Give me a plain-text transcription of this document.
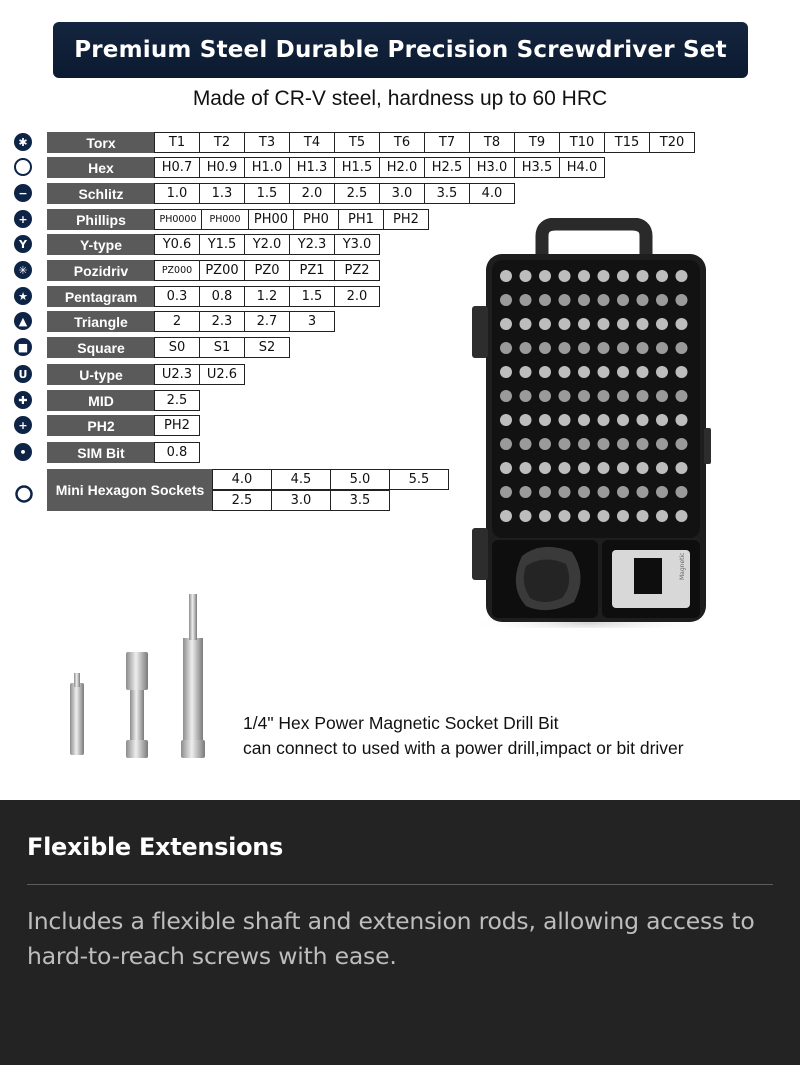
Premium Steel Durable Precision Screwdriver Set
Made of CR-V steel, hardness up to 60 HRC
✱	Torx	T1	T2	T3	T4	T5	T6	T7	T8	T9	T10	T15	T20
Hex	H0.7	H0.9	H1.0	H1.3	H1.5	H2.0	H2.5	H3.0	H3.5	H4.0
−	Schlitz	1.0	1.3	1.5	2.0	2.5	3.0	3.5	4.0
+	Phillips	PH0000	PH000	PH00	PH0	PH1	PH2
Y	Y-type	Y0.6	Y1.5	Y2.0	Y2.3	Y3.0
✳	Pozidriv	PZ000	PZ00	PZ0	PZ1	PZ2
★	Pentagram	0.3	0.8	1.2	1.5	2.0
▲	Triangle	2	2.3	2.7	3
■	Square	S0	S1	S2
U	U-type	U2.3	U2.6
✚	MID	2.5
+	PH2	PH2
•	SIM Bit	0.8
Mini Hexagon Sockets
4.0	4.5	5.0	5.5
2.5	3.0	3.5
Magnetic
1/4" Hex Power Magnetic Socket Drill Bit
can connect to used with a power drill,impact or bit driver
Flexible Extensions
Includes a flexible shaft and extension rods, allowing access to hard-to-reach screws with ease.
